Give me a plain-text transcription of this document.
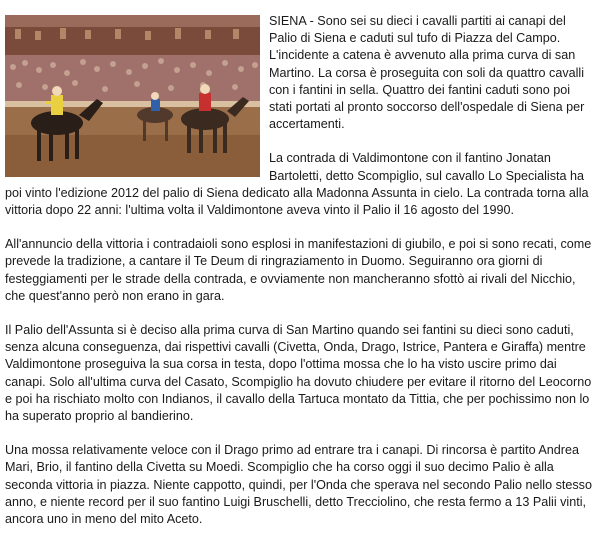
SIENA - Sono sei su dieci i cavalli partiti ai canapi del Palio di Siena e caduti sul tufo di Piazza del Campo. L'incidente a catena è avvenuto alla prima curva di san Martino. La corsa è proseguita con soli da quattro cavalli con i fantini in sella. Quattro dei fantini caduti sono poi stati portati al pronto soccorso dell'ospedale di Siena per accertamenti.

La contrada di Valdimontone con il fantino Jonatan Bartoletti, detto Scompiglio, sul cavallo Lo Specialista ha poi vinto l'edizione 2012 del palio di Siena dedicato alla Madonna Assunta in cielo. La contrada torna alla vittoria dopo 22 anni: l'ultima volta il Valdimontone aveva vinto il Palio il 16 agosto del 1990.

All'annuncio della vittoria i contradaioli sono esplosi in manifestazioni di giubilo, e poi si sono recati, come prevede la tradizione, a cantare il Te Deum di ringraziamento in Duomo. Seguiranno ora giorni di festeggiamenti per le strade della contrada, e ovviamente non mancheranno sfottò ai rivali del Nicchio, che quest'anno però non erano in gara.

Il Palio dell'Assunta si è deciso alla prima curva di San Martino quando sei fantini su dieci sono caduti, senza alcuna conseguenza, dai rispettivi cavalli (Civetta, Onda, Drago, Istrice, Pantera e Giraffa) mentre Valdimontone proseguiva la sua corsa in testa, dopo l'ottima mossa che lo ha visto uscire primo dai canapi. Solo all'ultima curva del Casato, Scompiglio ha dovuto chiudere per evitare il ritorno del Leocorno e poi ha rischiato molto con Indianos, il cavallo della Tartuca montato da Tittia, che per pochissimo non lo ha superato proprio al bandierino.

Una mossa relativamente veloce con il Drago primo ad entrare tra i canapi. Di rincorsa è partito Andrea Mari, Brio, il fantino della Civetta su Moedi. Scompiglio che ha corso oggi il suo decimo Palio è alla seconda vittoria in piazza. Niente cappotto, quindi, per l'Onda che sperava nel secondo Palio nello stesso anno, e niente record per il suo fantino Luigi Bruschelli, detto Trecciolino, che resta fermo a 13 Palii vinti, ancora uno in meno del mito Aceto.
